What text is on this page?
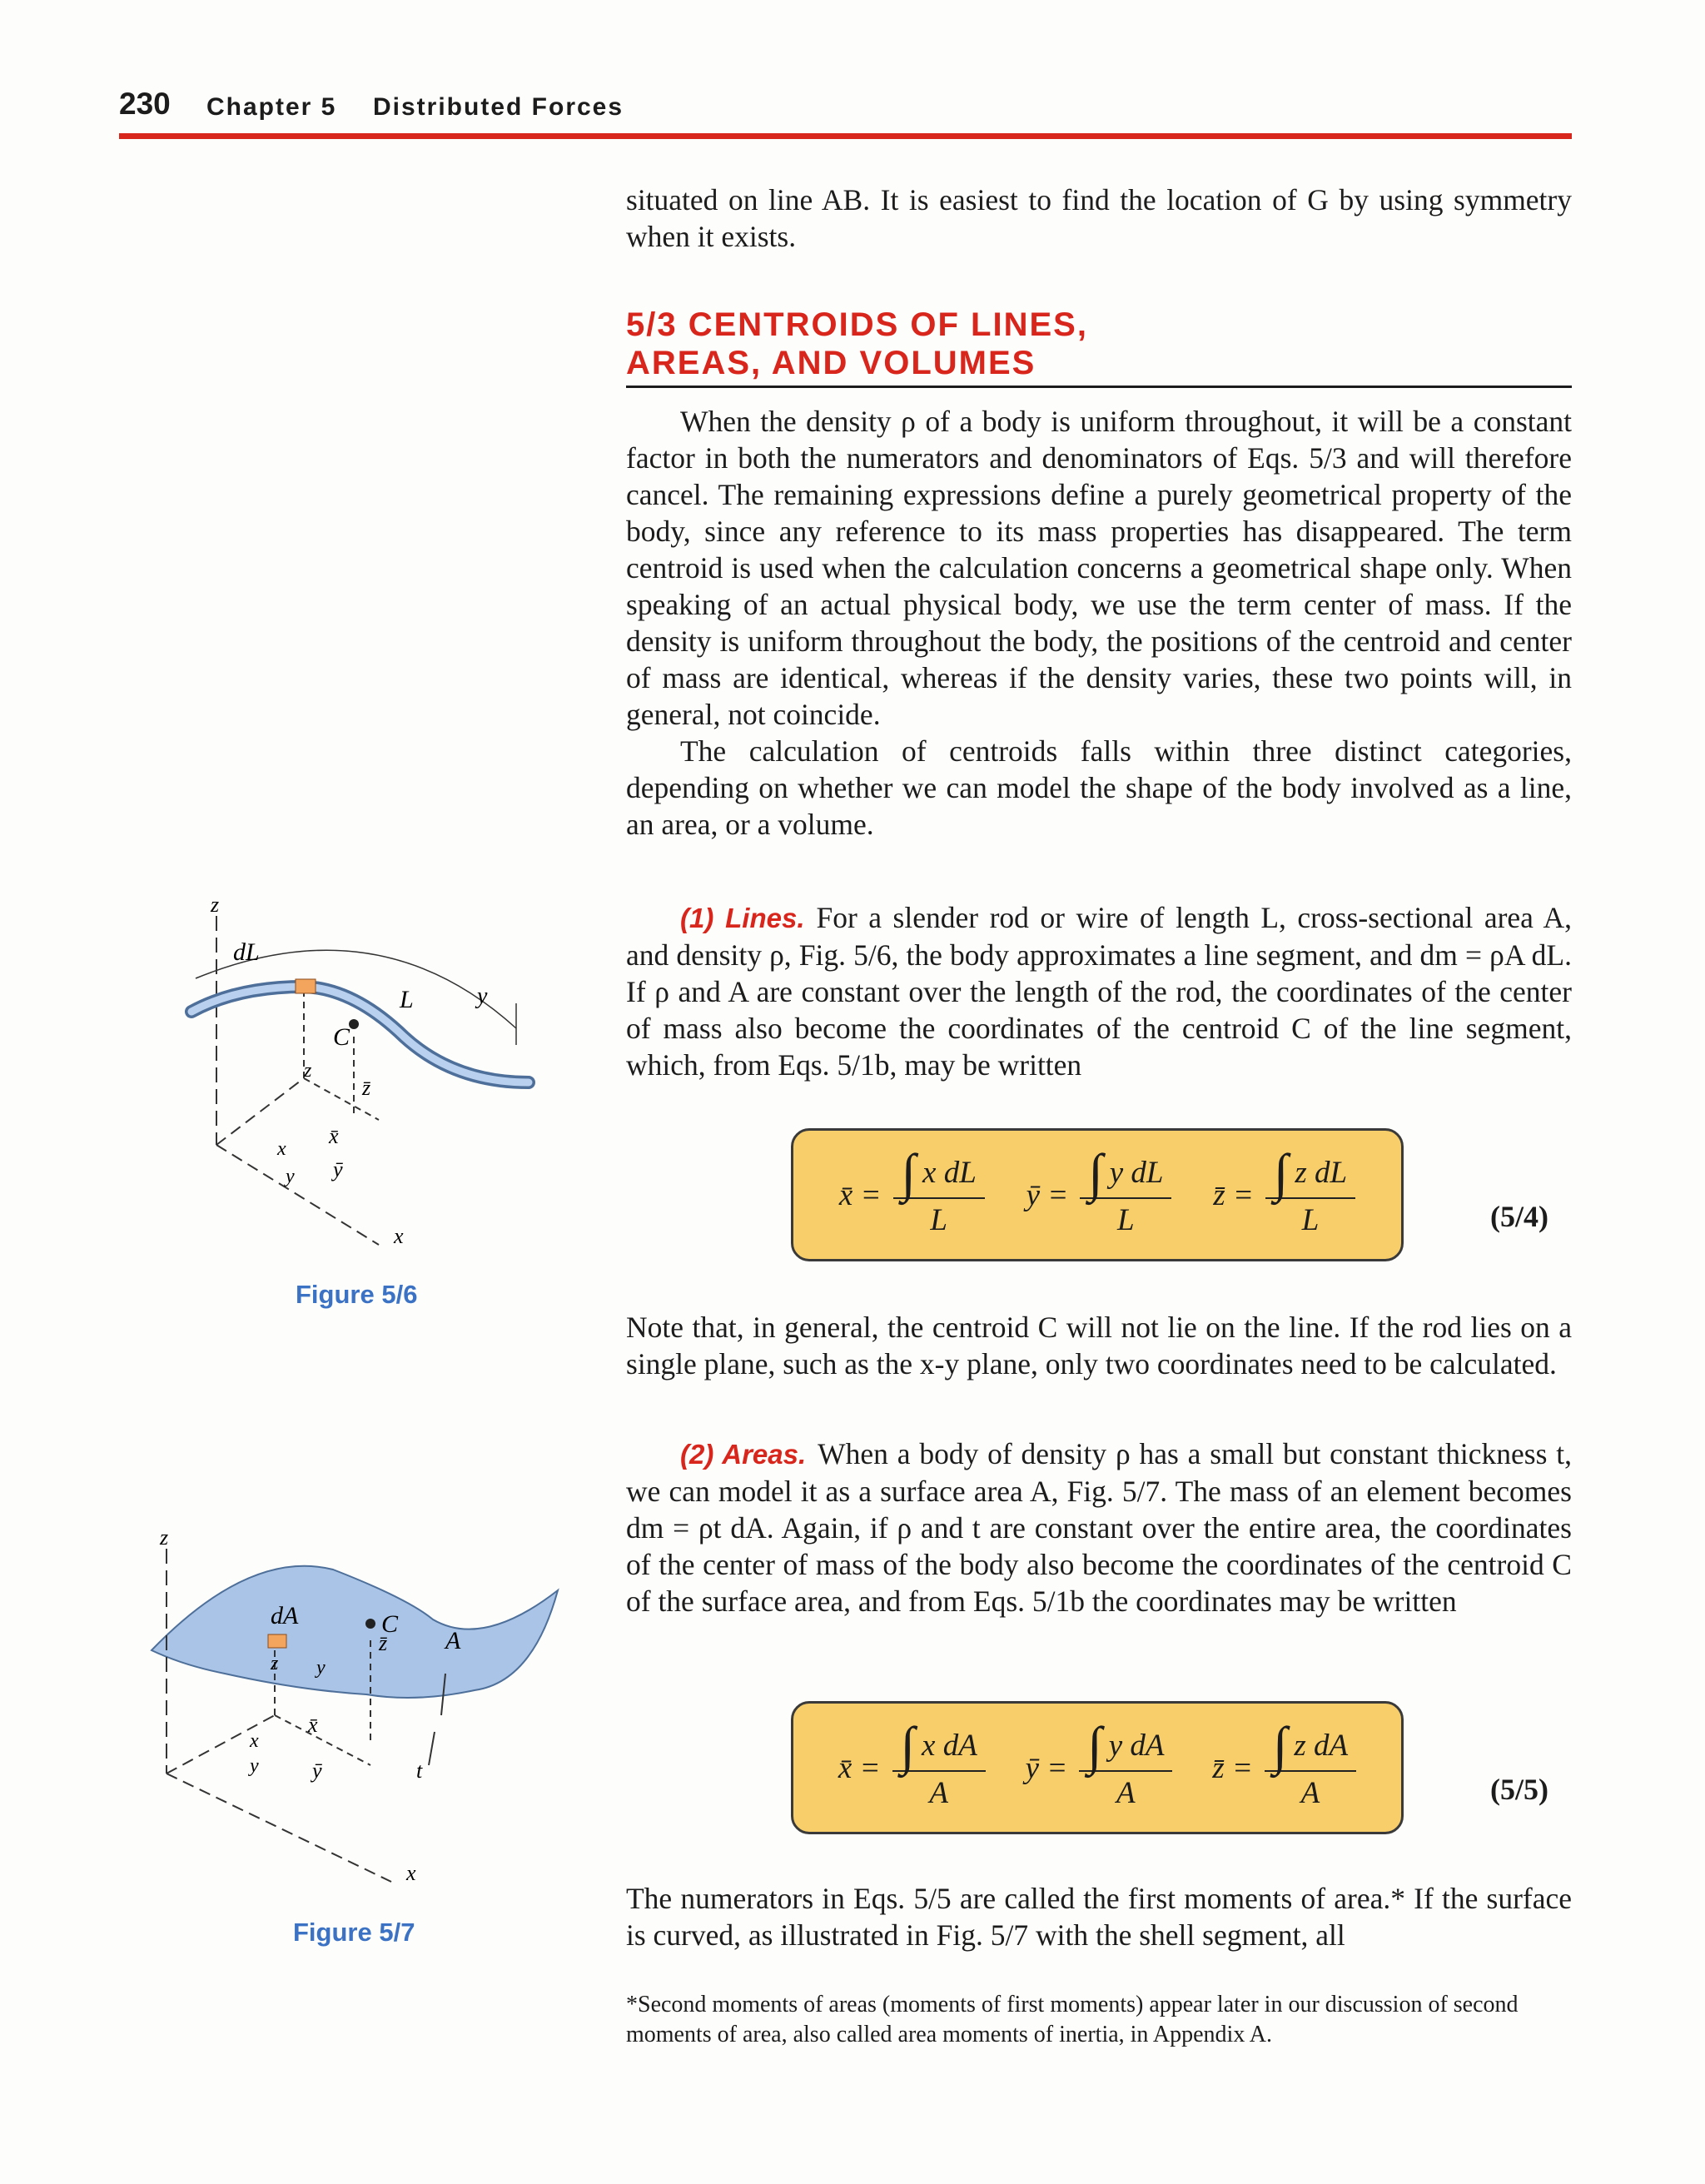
230 Chapter 5 Distributed Forces

situated on line AB. It is easiest to find the location of G by using symmetry when it exists.

5/3 CENTROIDS OF LINES,
AREAS, AND VOLUMES

When the density ρ of a body is uniform throughout, it will be a constant factor in both the numerators and denominators of Eqs. 5/3 and will therefore cancel. The remaining expressions define a purely geometrical property of the body, since any reference to its mass properties has disappeared. The term centroid is used when the calculation concerns a geometrical shape only. When speaking of an actual physical body, we use the term center of mass. If the density is uniform throughout the body, the positions of the centroid and center of mass are identical, whereas if the density varies, these two points will, in general, not coincide.

The calculation of centroids falls within three distinct categories, depending on whether we can model the shape of the body involved as a line, an area, or a volume.

(1) Lines. For a slender rod or wire of length L, cross-sectional area A, and density ρ, Fig. 5/6, the body approximates a line segment, and dm = ρA dL. If ρ and A are constant over the length of the rod, the coordinates of the center of mass also become the coordinates of the centroid C of the line segment, which, from Eqs. 5/1b, may be written

x̄ = $\frac{\text{∫ x dL}}{L}$ ȳ = $\frac{\text{∫ y dL}}{L}$ z̄ = $\frac{\text{∫ z dL}}{L}$	(5/4)

Note that, in general, the centroid C will not lie on the line. If the rod lies on a single plane, such as the x-y plane, only two coordinates need to be calculated.

(2) Areas. When a body of density ρ has a small but constant thickness t, we can model it as a surface area A, Fig. 5/7. The mass of an element becomes dm = ρt dA. Again, if ρ and t are constant over the entire area, the coordinates of the center of mass of the body also become the coordinates of the centroid C of the surface area, and from Eqs. 5/1b the coordinates may be written

x̄ = $\frac{\text{∫ x dA}}{A}$ ȳ = $\frac{\text{∫ y dA}}{A}$ z̄ = $\frac{\text{∫ z dA}}{A}$	(5/5)

The numerators in Eqs. 5/5 are called the first moments of area.* If the surface is curved, as illustrated in Fig. 5/7 with the shell segment, all

*Second moments of areas (moments of first moments) appear later in our discussion of second moments of area, also called area moments of inertia, in Appendix A.
z
dL
L	y
C
z̄
z
x̄
x
ȳ
y
x
Figure 5/6
z
dA	C
z̄ A
z y
x̄
x
ȳ
y	t
x
Figure 5/7
